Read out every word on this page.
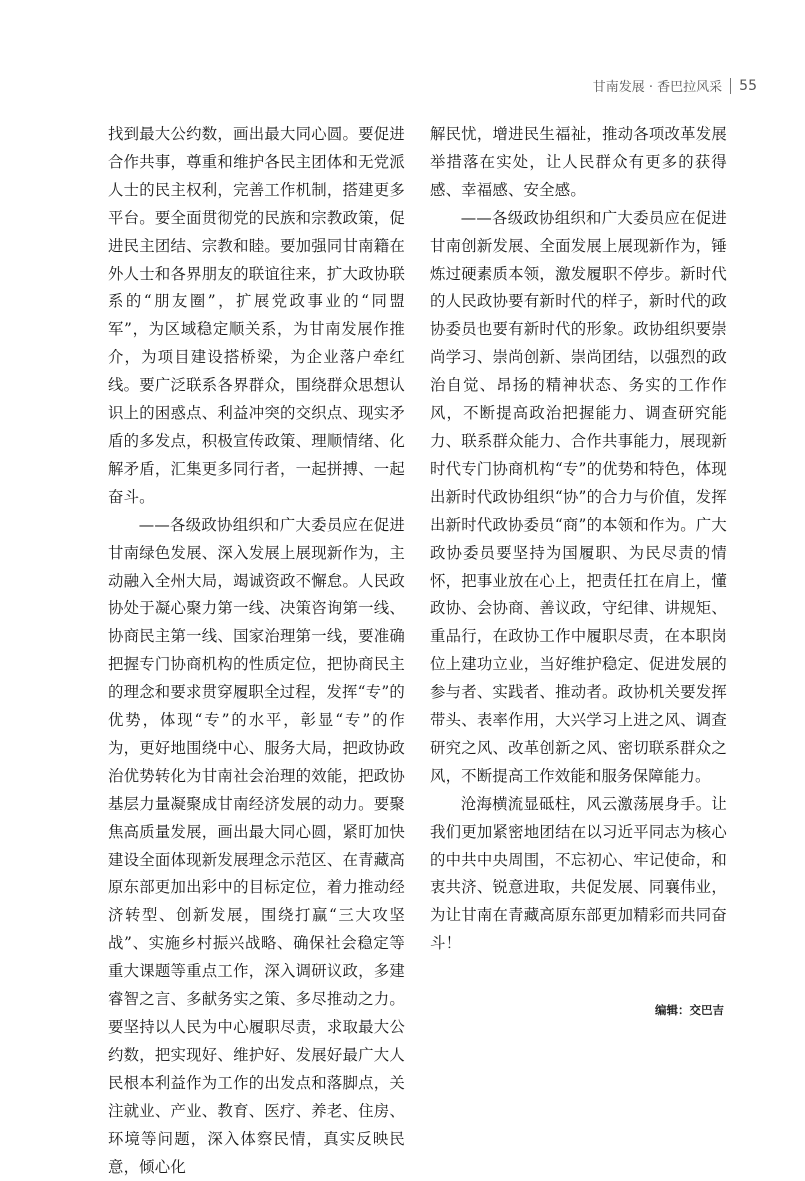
甘南发展 · 香巴拉风采 55

找到最大公约数，画出最大同心圆。要促进合作共事，尊重和维护各民主团体和无党派人士的民主权利，完善工作机制，搭建更多平台。要全面贯彻党的民族和宗教政策，促进民主团结、宗教和睦。要加强同甘南籍在外人士和各界朋友的联谊往来，扩大政协联系的“朋友圈”，扩展党政事业的“同盟军”，为区域稳定顺关系，为甘南发展作推介，为项目建设搭桥梁，为企业落户牵红线。要广泛联系各界群众，围绕群众思想认识上的困惑点、利益冲突的交织点、现实矛盾的多发点，积极宣传政策、理顺情绪、化解矛盾，汇集更多同行者，一起拼搏、一起奋斗。

——各级政协组织和广大委员应在促进甘南绿色发展、深入发展上展现新作为，主动融入全州大局，竭诚资政不懈怠。人民政协处于凝心聚力第一线、决策咨询第一线、协商民主第一线、国家治理第一线，要准确把握专门协商机构的性质定位，把协商民主的理念和要求贯穿履职全过程，发挥“专”的优势，体现“专”的水平，彰显“专”的作为，更好地围绕中心、服务大局，把政协政治优势转化为甘南社会治理的效能，把政协基层力量凝聚成甘南经济发展的动力。要聚焦高质量发展，画出最大同心圆，紧盯加快建设全面体现新发展理念示范区、在青藏高原东部更加出彩中的目标定位，着力推动经济转型、创新发展，围绕打赢“三大攻坚战”、实施乡村振兴战略、确保社会稳定等重大课题等重点工作，深入调研议政，多建睿智之言、多献务实之策、多尽推动之力。要坚持以人民为中心履职尽责，求取最大公约数，把实现好、维护好、发展好最广大人民根本利益作为工作的出发点和落脚点，关注就业、产业、教育、医疗、养老、住房、环境等问题，深入体察民情，真实反映民意，倾心化

解民忧，增进民生福祉，推动各项改革发展举措落在实处，让人民群众有更多的获得感、幸福感、安全感。

——各级政协组织和广大委员应在促进甘南创新发展、全面发展上展现新作为，锤炼过硬素质本领，激发履职不停步。新时代的人民政协要有新时代的样子，新时代的政协委员也要有新时代的形象。政协组织要崇尚学习、崇尚创新、崇尚团结，以强烈的政治自觉、昂扬的精神状态、务实的工作作风，不断提高政治把握能力、调查研究能力、联系群众能力、合作共事能力，展现新时代专门协商机构“专”的优势和特色，体现出新时代政协组织“协”的合力与价值，发挥出新时代政协委员“商”的本领和作为。广大政协委员要坚持为国履职、为民尽责的情怀，把事业放在心上，把责任扛在肩上，懂政协、会协商、善议政，守纪律、讲规矩、重品行，在政协工作中履职尽责，在本职岗位上建功立业，当好维护稳定、促进发展的参与者、实践者、推动者。政协机关要发挥带头、表率作用，大兴学习上进之风、调查研究之风、改革创新之风、密切联系群众之风，不断提高工作效能和服务保障能力。

沧海横流显砥柱，风云激荡展身手。让我们更加紧密地团结在以习近平同志为核心的中共中央周围，不忘初心、牢记使命，和衷共济、锐意进取，共促发展、同襄伟业，为让甘南在青藏高原东部更加精彩而共同奋斗！

编辑：交巴吉
